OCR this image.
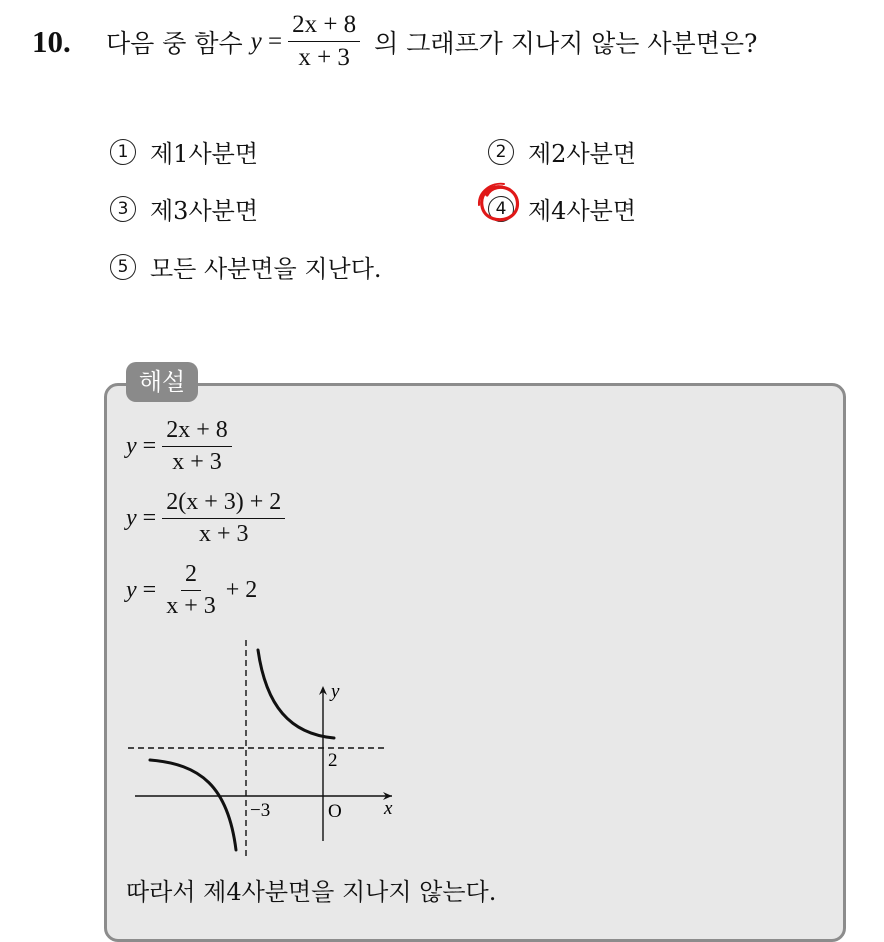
10. 다음 중 함수 $y = \frac{2x + 8}{x + 3}$ 의 그래프가 지나지 않는 사분면은?
1 제1사분면	2 제2사분면
3 제3사분면	4 제4사분면
5 모든 사분면을 지난다.
해설
$y = \frac{2x + 8}{x + 3}$
$y = \frac{2(x + 3) + 2}{x + 3}$
$y = \frac{2}{x + 3} + 2$
y
x
2
−3	O
따라서 제4사분면을 지나지 않는다.
